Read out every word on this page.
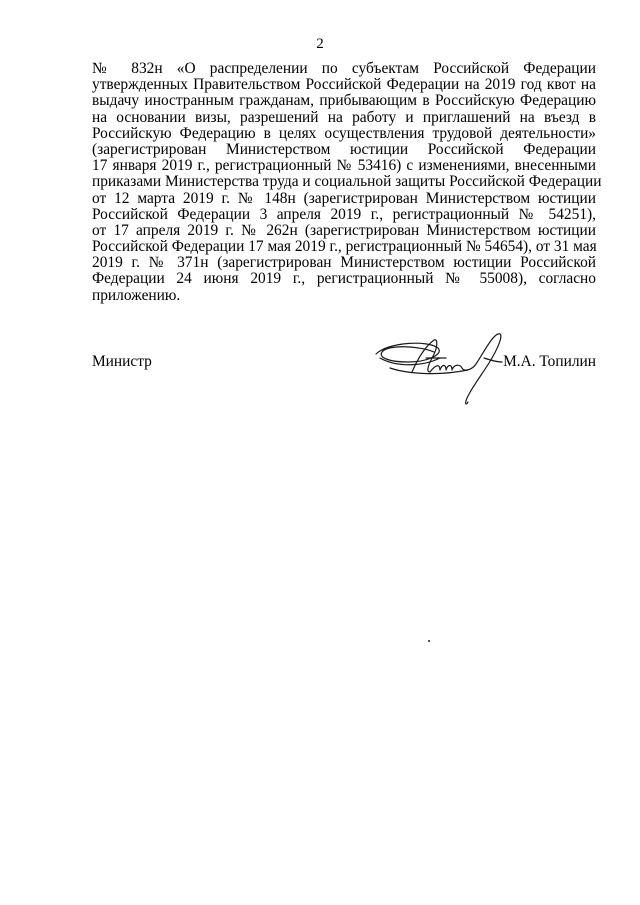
2
№ 832н «О распределении по субъектам Российской Федерации
утвержденных Правительством Российской Федерации на 2019 год квот на
выдачу иностранным гражданам, прибывающим в Российскую Федерацию
на основании визы, разрешений на работу и приглашений на въезд в
Российскую Федерацию в целях осуществления трудовой деятельности»
(зарегистрирован Министерством юстиции Российской Федерации
17 января 2019 г., регистрационный № 53416) с изменениями, внесенными
приказами Министерства труда и социальной защиты Российской Федерации
от 12 марта 2019 г. № 148н (зарегистрирован Министерством юстиции
Российской Федерации 3 апреля 2019 г., регистрационный № 54251),
от 17 апреля 2019 г. № 262н (зарегистрирован Министерством юстиции
Российской Федерации 17 мая 2019 г., регистрационный № 54654), от 31 мая
2019 г. № 371н (зарегистрирован Министерством юстиции Российской
Федерации 24 июня 2019 г., регистрационный № 55008), согласно
приложению.
Министр	М.А. Топилин
